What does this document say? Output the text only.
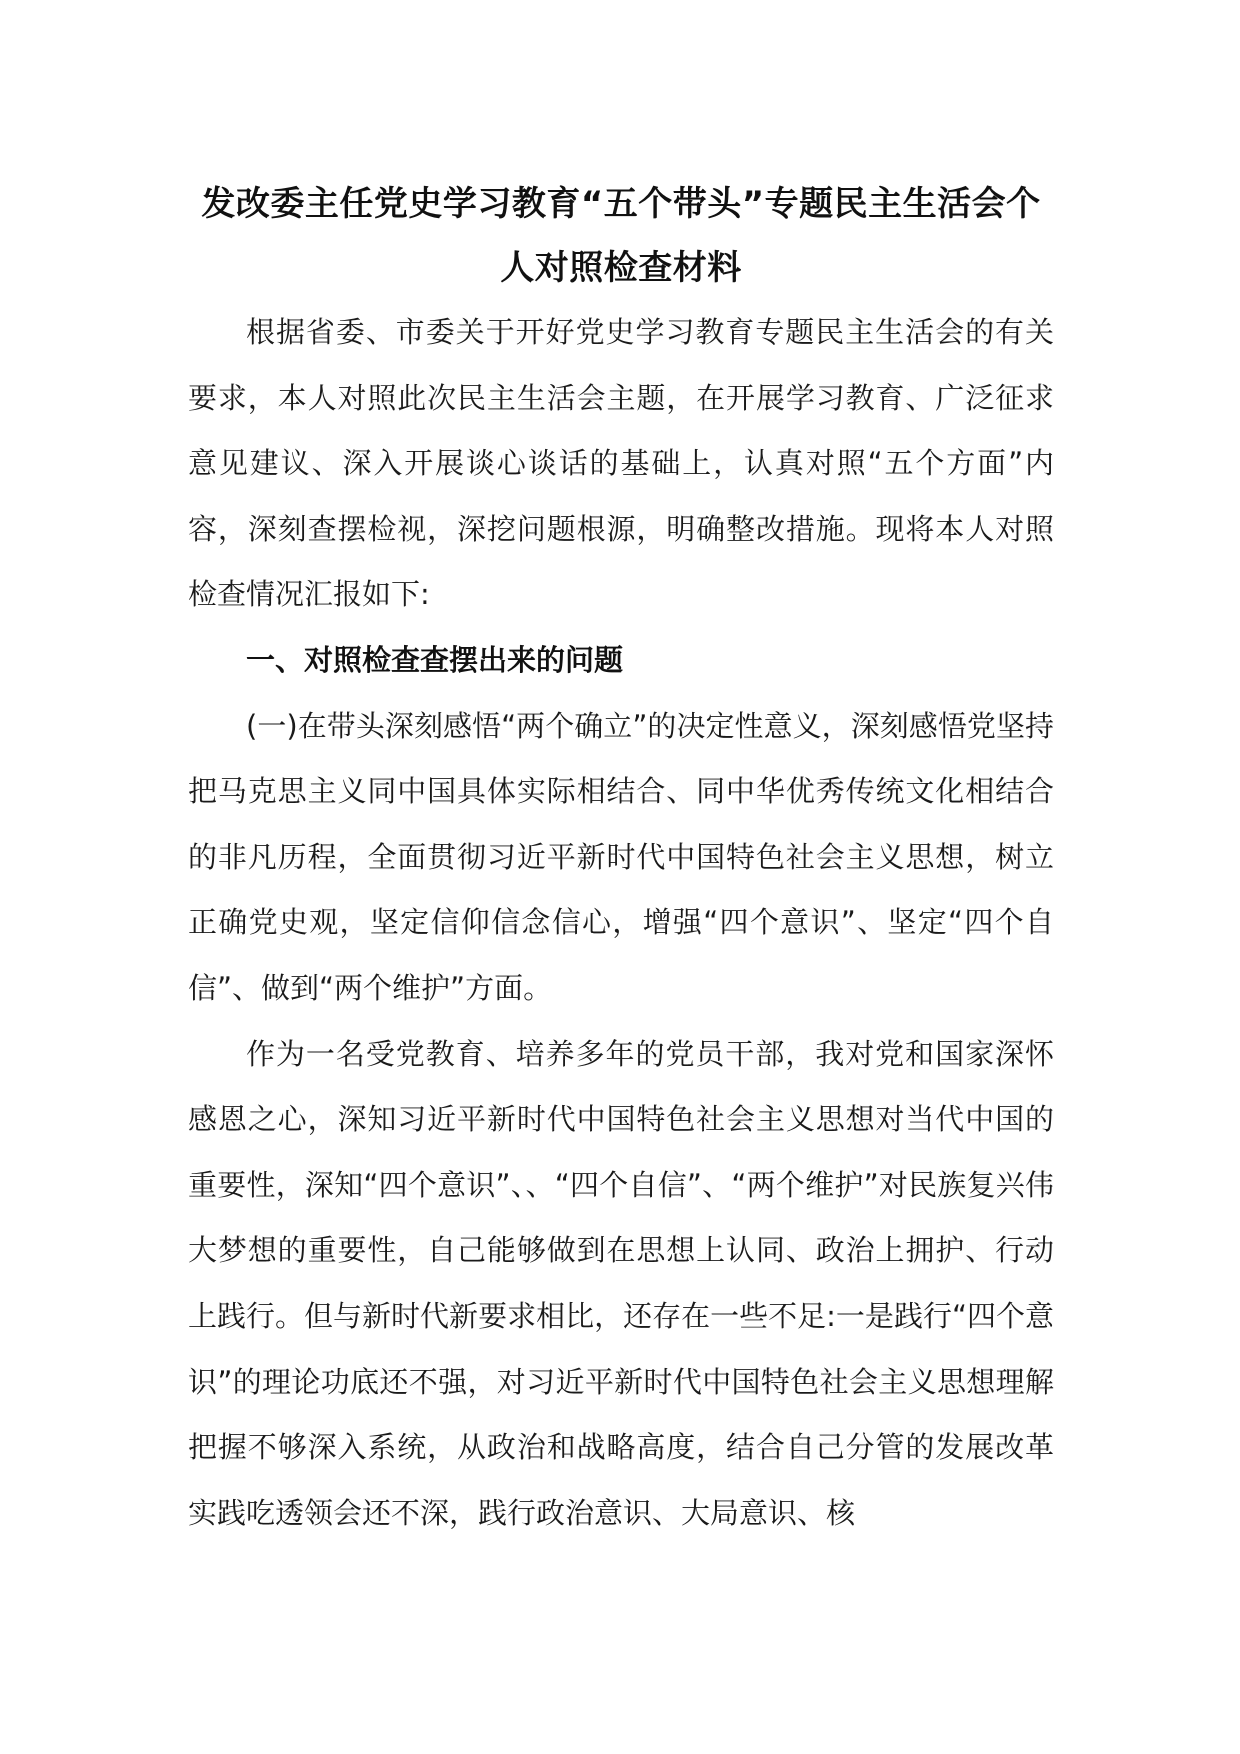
发改委主任党史学习教育“五个带头”专题民主生活会个
人对照检查材料

根据省委、市委关于开好党史学习教育专题民主生活会的有关要求，本人对照此次民主生活会主题，在开展学习教育、广泛征求意见建议、深入开展谈心谈话的基础上，认真对照“五个方面”内容，深刻查摆检视，深挖问题根源，明确整改措施。现将本人对照检查情况汇报如下:

一、对照检查查摆出来的问题

(一)在带头深刻感悟“两个确立”的决定性意义，深刻感悟党坚持把马克思主义同中国具体实际相结合、同中华优秀传统文化相结合的非凡历程，全面贯彻习近平新时代中国特色社会主义思想，树立正确党史观，坚定信仰信念信心，增强“四个意识”、坚定“四个自信”、做到“两个维护”方面。

作为一名受党教育、培养多年的党员干部，我对党和国家深怀感恩之心，深知习近平新时代中国特色社会主义思想对当代中国的重要性，深知“四个意识”、、“四个自信”、“两个维护”对民族复兴伟大梦想的重要性，自己能够做到在思想上认同、政治上拥护、行动上践行。但与新时代新要求相比，还存在一些不足:一是践行“四个意识”的理论功底还不强，对习近平新时代中国特色社会主义思想理解把握不够深入系统，从政治和战略高度，结合自己分管的发展改革实践吃透领会还不深，践行政治意识、大局意识、核
